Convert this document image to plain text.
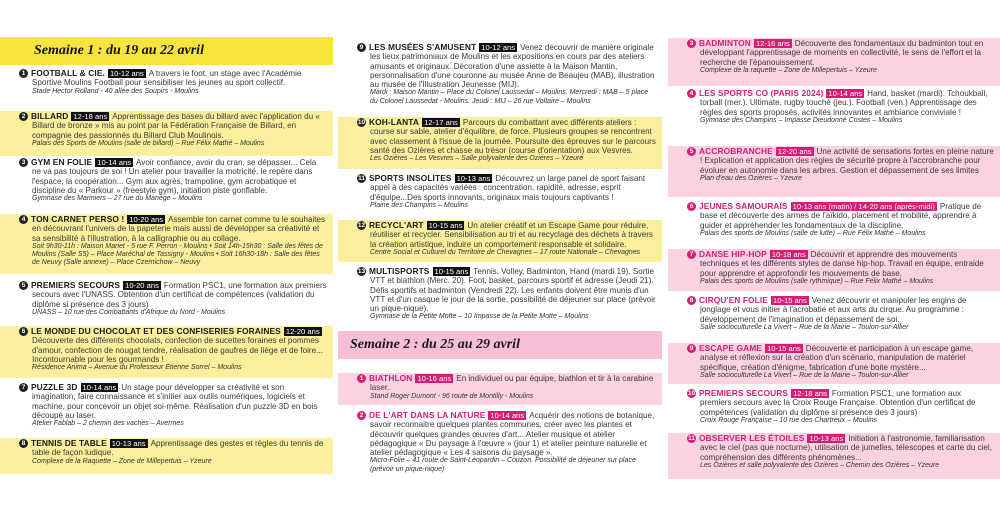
1 FOOTBALL & CIE. 10-12 ans A travers le foot, un stage avec l'Académie Sportive Moulins Football pour sensibiliser les jeunes au sport collectif.
Stade Hector Rolland - 40 allée des Soupirs - Moulins
2 BILLARD 12-18 ans Apprentissage des bases du billard avec l'application du « Billard de bronze » mis au point par la Fédération Française de Billard, en compagnie des passionnés du Billard Club Moulinois.
Palais des Sports de Moulins (salle de billard) – Rue Félix Mathé – Moulins
3 GYM EN FOLIE 10-14 ans Avoir confiance, avoir du cran, se dépasser... Cela ne va pas toujours de soi ! Un atelier pour travailler la motricité, le repère dans l'espace, la coopération... Gym aux agrès, trampoline, gym acrobatique et discipline du « Parkour » (freestyle gym), initiation piste gonflable.
Gymnase des Mariniers – 27 rue du Manège – Moulins
4 TON CARNET PERSO ! 10-20 ans Assemble ton carnet comme tu le souhaites en découvrant l'univers de la papeterie mais aussi de développer sa créativité et sa sensibilité à l'illustration, à la calligraphie ou au collage.
Soit 9h30-11h : Maison Mariet - 5 rue F. Perron - Moulins • Soit 14h-15h30 : Salle des fêtes de Moulins (Salle S5) – Place Maréchal de Tassigny - Moulins • Soit 16h30-18h : Salle des fêtes de Neuvy (Salle annexe) – Place Czernichow – Neuvy
5 PREMIERS SECOURS 10-20 ans Formation PSC1, une formation aux premiers secours avec l'UNASS. Obtention d'un certificat de compétences (validation du diplôme si présence des 3 jours)
UNASS – 10 rue des Combattants d'Afrique du Nord - Moulins
6 LE MONDE DU CHOCOLAT ET DES CONFISERIES FORAINES 12-20 ansDécouverte des différents chocolats, confection de sucettes foraines et pommes d'amour, confection de nougat tendre, réalisation de gaufres de liège et de foire... Incontournable pour les gourmands !
Résidence Anima – Avenue du Professeur Etienne Sorrel – Moulins
7 PUZZLE 3D 10-14 ans Un stage pour développer sa créativité et son imagination, faire connaissance et s'initier aux outils numériques, logiciels et machine, pour concevoir un objet soi-même. Réalisation d'un puzzle 3D en bois découpé au laser.
Atelier Fablab – 2 chemin des vaches – Avermes
8 TENNIS DE TABLE 10-13 ans Apprentissage des gestes et règles du tennis de table de façon ludique.
Complexe de la Raquette – Zone de Millepertuis – Yzeure
Semaine 1 : du 19 au 22 avril	9 LES MUSÉES S'AMUSENT 10-12 ans Venez découvrir de manière originale les lieux patrimoniaux de Moulins et les expositions en cours par des ateliers amusants et originaux. Décoration d'une assiette à la Maison Mantin, personnalisation d'une couronne au musée Anne de Beaujeu (MAB), illustration au musée de l'Illustration Jeunesse (MIJ).
Mardi : Maison Mantin – Place du Colonel Laussedat – Moulins. Mercredi : MAB – 5 place du Colonel Laussedat - Moulins. Jeudi : MIJ – 26 rue Voltaire – Moulins
10 KOH-LANTA 12-17 ans Parcours du combattant avec différents ateliers : course sur sable, atelier d'équilibre, de force. Plusieurs groupes se rencontrent avec classement à l'issue de la journée. Poursuite des épreuves sur le parcours santé des Ozières et chasse au trésor (course d'orientation) aux Vesvres.
Les Ozières – Les Vesvres – Salle polyvalente des Ozières – Yzeure
11 SPORTS INSOLITES 10-13 ans Découvrez un large panel de sport faisant appel à des capacités variées : concentration, rapidité, adresse, esprit d'équipe...Des sports innovants, originaux mais toujours captivants !
Plaine des Champins – Moulins
12 RECYCL'ART 10-15 ans Un atelier créatif et un Escape Game pour réduire, réutiliser et recycler. Sensibilisation au tri et au recyclage des déchets à travers la création artistique, induire un comportement responsable et solidaire.
Centre Social et Culturel du Territoire de Chevagnes – 17 route Nationale – Chevagnes
13 MULTISPORTS 10-15 ans Tennis, Volley, Badminton, Hand (mardi 19). Sortie VTT et biathlon (Merc. 20). Foot, basket, parcours sportif et adresse (Jeudi 21). Défis sportifs et badminton (Vendredi 22). Les enfants doivent être munis d'un VTT et d'un casque le jour de la sortie, possibilité de déjeuner sur place (prévoir un pique-nique).
Gymnase de la Petite Motte – 10 Impasse de la Petite Motte – Moulins
1 BIATHLON 10-16 ans En individuel ou par équipe, biathlon et tir à la carabine laser.
Stand Roger Dumont - 96 route de Montilly - Moulins
2 DE L'ART DANS LA NATURE 10-14 ans Acquérir des notions de botanique, savoir reconnaitre quelques plantes communes, créer avec les plantes et découvrir quelques grandes œuvres d'art... Atelier musique et atelier pédagogique « Du paysage à l'œuvre » (jour 1) et atelier peinture naturelle et atelier pédagogique « Les 4 saisons du paysage ».
Micro-Folie – 41 route de Saint-Léopardin – Couzon. Possibilité de déjeuner sur place (prévoir un pique-nique)
Semaine 2 : du 25 au 29 avril
3 BADMINTON 12-16 ans Découverte des fondamentaux du badminton tout en développant l'apprentissage de moments en collectivité, le sens de l'effort et la recherche de l'épanouissement.
Complexe de la raquette – Zone de Millepertuis – Yzeure
4 LES SPORTS CO (PARIS 2024) 10-14 ans Hand, basket (mardi). Tchoukball, torball (mer.). Ultimate, rugby touché (jeu.). Football (ven.) Apprentissage des règles des sports proposés, activités innovantes et ambiance conviviale !
Gymnase des Champins – Impasse Dieudonné Costes – Moulins
5 ACCROBRANCHE 12-20 ans Une activité de sensations fortes en pleine nature ! Explication et application des règles de sécurité propre à l'accrobranche pour évoluer en autonomie dans les arbres. Gestion et dépassement de ses limites
Plan d'eau des Ozières – Yzeure
6 JEUNES SAMOURAÏS 10-13 ans (matin) / 14-20 ans (après-midi) Pratique de base et découverte des armes de l'aïkido, placement et mobilité, apprendre à guider et appréhender les fondamentaux de la discipline.
Palais des sports de Moulins (salle de lutte) – Rue Félix Mathé – Moulins
7 DANSE HIP-HOP 10-18 ans Découvrir et apprendre des mouvements techniques et les différents styles de danse hip-hop. Travail en équipe, entraide pour apprendre et approfondir les mouvements de base.
Palais des sports de Moulins (salle rythmique) – Rue Félix Mathé – Moulins
8 CIRQU'EN FOLIE 10-15 ans Venez découvrir et manipuler les engins de jonglage et vous initier à l'acrobatie et aux arts du cirque. Au programme : développement de l'imagination et dépassement de soi.
Salle socioculturelle La Vivert – Rue de la Mairie – Toulon-sur-Allier
9 ESCAPE GAME 10-15 ans Découverte et participation à un escape game, analyse et réflexion sur la création d'un scénario, manipulation de matériel spécifique, création d'énigme, fabrication d'une boite mystère...
Salle socioculturelle La Vivert – Rue de la Mairie – Toulon-sur-Allier
10 PREMIERS SECOURS 12-18 ans Formation PSC1, une formation aux premiers secours avec la Croix Rouge Française. Obtention d'un certificat de compétences (validation du diplôme si présence des 3 jours)
Croix Rouge Française – 10 rue des Chartreux – Moulins
11 OBSERVER LES ÉTOILES 10-13 ans Initiation à l'astronomie, familiarisation avec le ciel (pas que nocturne), utilisation de jumelles, télescopes et carte du ciel, compréhension des différents phénomènes...
Les Ozières et salle polyvalente des Ozières – Chemin des Ozières – Yzeure
